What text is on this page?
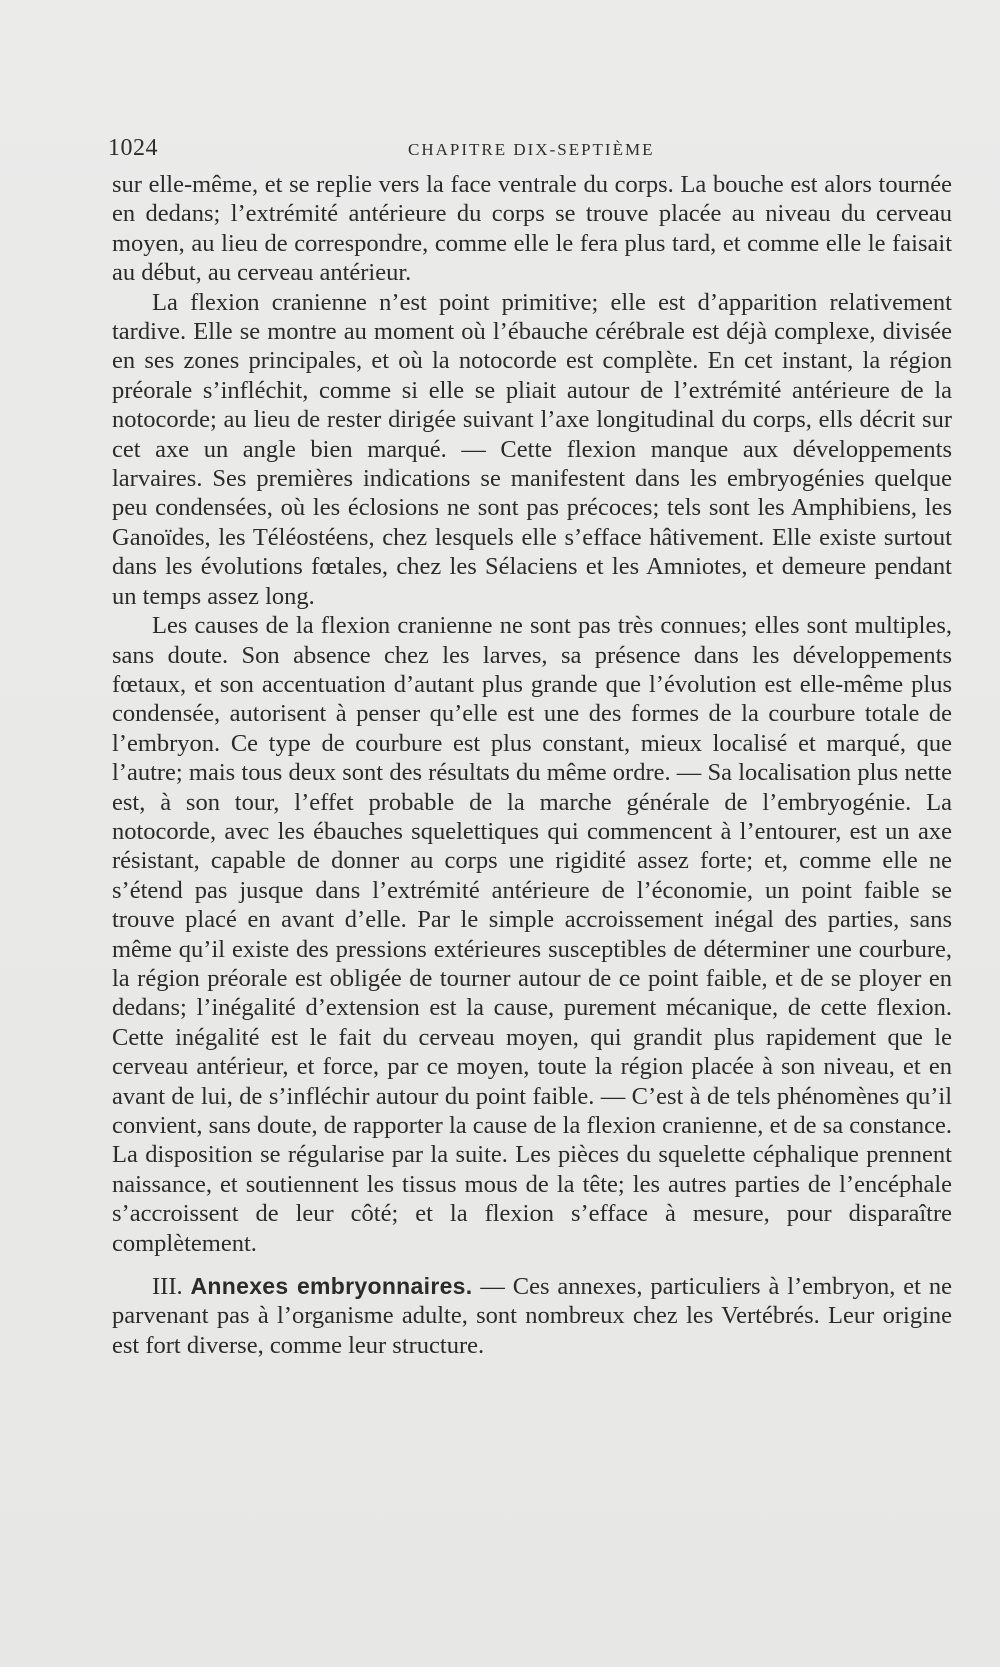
1024	CHAPITRE DIX-SEPTIÈME

sur elle-même, et se replie vers la face ventrale du corps. La bouche est alors tournée en dedans; l’extrémité antérieure du corps se trouve placée au niveau du cerveau moyen, au lieu de correspondre, comme elle le fera plus tard, et comme elle le faisait au début, au cerveau antérieur.

La flexion cranienne n’est point primitive; elle est d’apparition relativement tardive. Elle se montre au moment où l’ébauche cérébrale est déjà complexe, divisée en ses zones principales, et où la notocorde est complète. En cet instant, la région préorale s’infléchit, comme si elle se pliait autour de l’extrémité antérieure de la notocorde; au lieu de rester dirigée suivant l’axe longitudinal du corps, ells décrit sur cet axe un angle bien marqué. — Cette flexion manque aux développements larvaires. Ses premières indications se manifestent dans les embryogénies quelque peu condensées, où les éclosions ne sont pas précoces; tels sont les Amphibiens, les Ganoïdes, les Téléostéens, chez lesquels elle s’efface hâtivement. Elle existe surtout dans les évolutions fœtales, chez les Sélaciens et les Amniotes, et demeure pendant un temps assez long.

Les causes de la flexion cranienne ne sont pas très connues; elles sont multiples, sans doute. Son absence chez les larves, sa présence dans les développements fœtaux, et son accentuation d’autant plus grande que l’évolution est elle-même plus condensée, autorisent à penser qu’elle est une des formes de la courbure totale de l’embryon. Ce type de courbure est plus constant, mieux localisé et marqué, que l’autre; mais tous deux sont des résultats du même ordre. — Sa localisation plus nette est, à son tour, l’effet probable de la marche générale de l’embryogénie. La notocorde, avec les ébauches squelettiques qui commencent à l’entourer, est un axe résistant, capable de donner au corps une rigidité assez forte; et, comme elle ne s’étend pas jusque dans l’extrémité antérieure de l’économie, un point faible se trouve placé en avant d’elle. Par le simple accroissement inégal des parties, sans même qu’il existe des pressions extérieures susceptibles de déterminer une courbure, la région préorale est obligée de tourner autour de ce point faible, et de se ployer en dedans; l’inégalité d’extension est la cause, purement mécanique, de cette flexion. Cette inégalité est le fait du cerveau moyen, qui grandit plus rapidement que le cerveau antérieur, et force, par ce moyen, toute la région placée à son niveau, et en avant de lui, de s’infléchir autour du point faible. — C’est à de tels phénomènes qu’il convient, sans doute, de rapporter la cause de la flexion cranienne, et de sa constance. La disposition se régularise par la suite. Les pièces du squelette céphalique prennent naissance, et soutiennent les tissus mous de la tête; les autres parties de l’encéphale s’accroissent de leur côté; et la flexion s’efface à mesure, pour disparaître complètement.

III. Annexes embryonnaires. — Ces annexes, particuliers à l’embryon, et ne parvenant pas à l’organisme adulte, sont nombreux chez les Vertébrés. Leur origine est fort diverse, comme leur structure.
